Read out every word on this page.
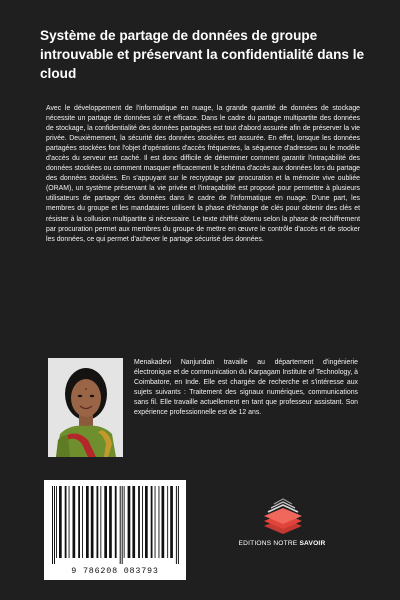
Système de partage de données de groupe introuvable et préservant la confidentialité dans le cloud

Avec le développement de l'informatique en nuage, la grande quantité de données de stockage nécessite un partage de données sûr et efficace. Dans le cadre du partage multipartite des données de stockage, la confidentialité des données partagées est tout d'abord assurée afin de préserver la vie privée. Deuxièmement, la sécurité des données stockées est assurée. En effet, lorsque les données partagées stockées font l'objet d'opérations d'accès fréquentes, la séquence d'adresses ou le modèle d'accès du serveur est caché. Il est donc difficile de déterminer comment garantir l'intraçabilité des données stockées ou comment masquer efficacement le schéma d'accès aux données lors du partage des données stockées. En s'appuyant sur le recryptage par procuration et la mémoire vive oubliée (ORAM), un système préservant la vie privée et l'intraçabilité est proposé pour permettre à plusieurs utilisateurs de partager des données dans le cadre de l'informatique en nuage. D'une part, les membres du groupe et les mandataires utilisent la phase d'échange de clés pour obtenir des clés et résister à la collusion multipartite si nécessaire. Le texte chiffré obtenu selon la phase de rechiffrement par procuration permet aux membres du groupe de mettre en œuvre le contrôle d'accès et de stocker les données, ce qui permet d'achever le partage sécurisé des données.

Menakadevi Nanjundan travaille au département d'ingénierie électronique et de communication du Karpagam Institute of Technology, à Coimbatore, en Inde. Elle est chargée de recherche et s'intéresse aux sujets suivants : Traitement des signaux numériques, communications sans fil. Elle travaille actuellement en tant que professeur assistant. Son expérience professionnelle est de 12 ans.

9 786208 083793
EDITIONS NOTRE SAVOIR
